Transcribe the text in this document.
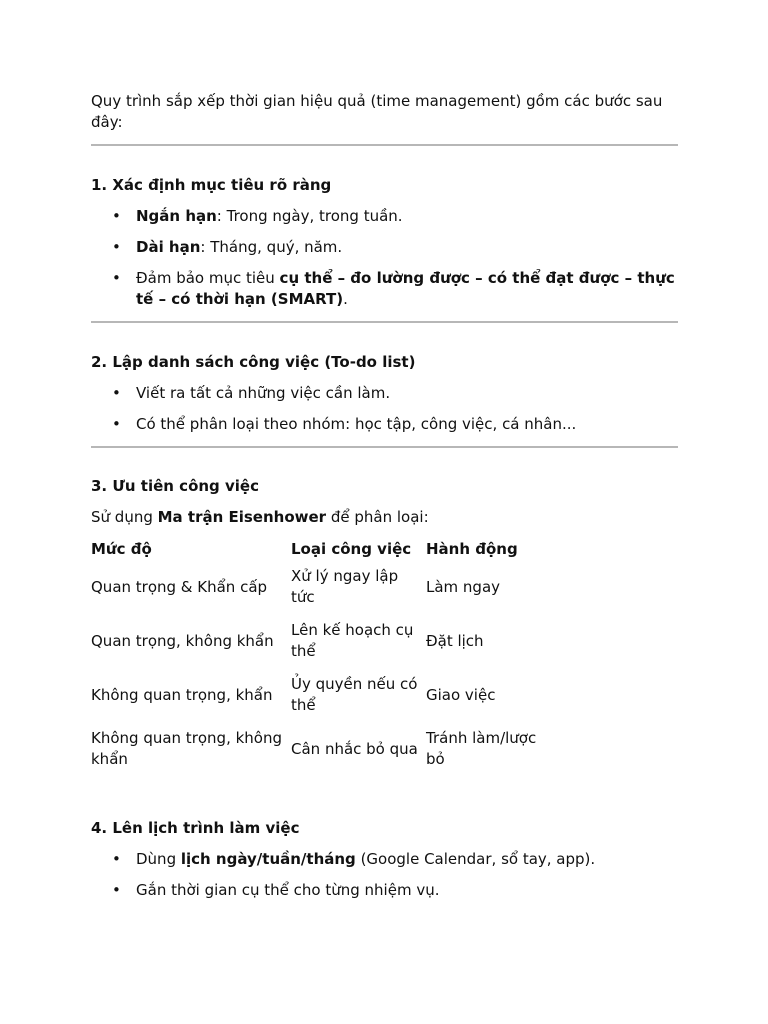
Quy trình sắp xếp thời gian hiệu quả (time management) gồm các bước sau đây:

1. Xác định mục tiêu rõ ràng
• Ngắn hạn: Trong ngày, trong tuần.
• Dài hạn: Tháng, quý, năm.
• Đảm bảo mục tiêu cụ thể – đo lường được – có thể đạt được – thực tế – có thời hạn (SMART).
2. Lập danh sách công việc (To-do list)
• Viết ra tất cả những việc cần làm.
• Có thể phân loại theo nhóm: học tập, công việc, cá nhân...
3. Ưu tiên công việc

Sử dụng Ma trận Eisenhower để phân loại:

Mức độ	Loại công việc	Hành động
Quan trọng & Khẩn cấp	Xử lý ngay lập tức	Làm ngay
Quan trọng, không khẩn	Lên kế hoạch cụ thể	Đặt lịch
Không quan trọng, khẩn	Ủy quyền nếu có thể	Giao việc
Không quan trọng, không khẩn	Cân nhắc bỏ qua	Tránh làm/lược bỏ
4. Lên lịch trình làm việc
• Dùng lịch ngày/tuần/tháng (Google Calendar, sổ tay, app).
• Gắn thời gian cụ thể cho từng nhiệm vụ.
